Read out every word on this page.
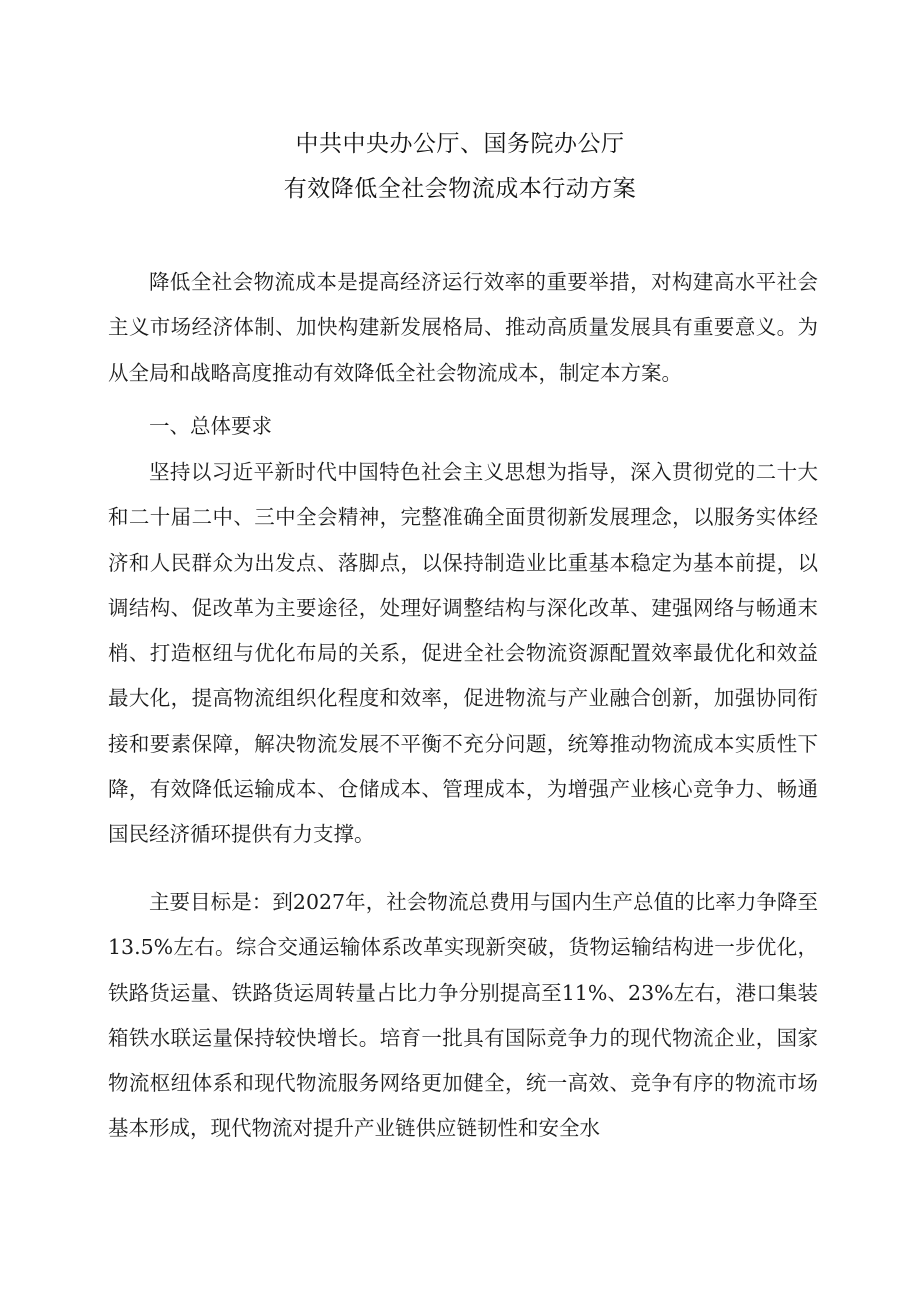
中共中央办公厅、国务院办公厅
有效降低全社会物流成本行动方案

降低全社会物流成本是提高经济运行效率的重要举措，对构建高水平社会主义市场经济体制、加快构建新发展格局、推动高质量发展具有重要意义。为从全局和战略高度推动有效降低全社会物流成本，制定本方案。

一、总体要求

坚持以习近平新时代中国特色社会主义思想为指导，深入贯彻党的二十大和二十届二中、三中全会精神，完整准确全面贯彻新发展理念，以服务实体经济和人民群众为出发点、落脚点，以保持制造业比重基本稳定为基本前提，以调结构、促改革为主要途径，处理好调整结构与深化改革、建强网络与畅通末梢、打造枢纽与优化布局的关系，促进全社会物流资源配置效率最优化和效益最大化，提高物流组织化程度和效率，促进物流与产业融合创新，加强协同衔接和要素保障，解决物流发展不平衡不充分问题，统筹推动物流成本实质性下降，有效降低运输成本、仓储成本、管理成本，为增强产业核心竞争力、畅通国民经济循环提供有力支撑。

主要目标是：到2027年，社会物流总费用与国内生产总值的比率力争降至13.5%左右。综合交通运输体系改革实现新突破，货物运输结构进一步优化，铁路货运量、铁路货运周转量占比力争分别提高至11%、23%左右，港口集装箱铁水联运量保持较快增长。培育一批具有国际竞争力的现代物流企业，国家物流枢纽体系和现代物流服务网络更加健全，统一高效、竞争有序的物流市场基本形成，现代物流对提升产业链供应链韧性和安全水
